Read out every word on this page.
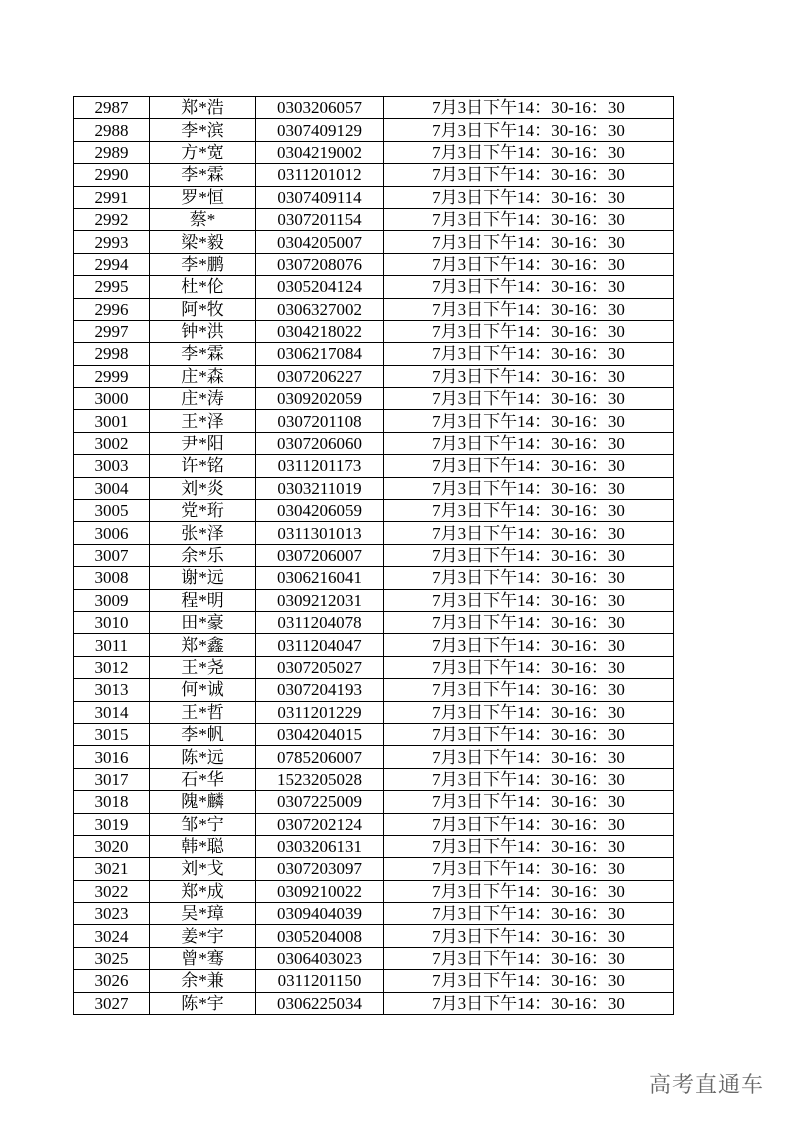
2987	郑*浩	0303206057	7月3日下午14：30-16：30
2988	李*滨	0307409129	7月3日下午14：30-16：30
2989	方*宽	0304219002	7月3日下午14：30-16：30
2990	李*霖	0311201012	7月3日下午14：30-16：30
2991	罗*恒	0307409114	7月3日下午14：30-16：30
2992	蔡*	0307201154	7月3日下午14：30-16：30
2993	梁*毅	0304205007	7月3日下午14：30-16：30
2994	李*鹏	0307208076	7月3日下午14：30-16：30
2995	杜*伦	0305204124	7月3日下午14：30-16：30
2996	阿*牧	0306327002	7月3日下午14：30-16：30
2997	钟*洪	0304218022	7月3日下午14：30-16：30
2998	李*霖	0306217084	7月3日下午14：30-16：30
2999	庄*森	0307206227	7月3日下午14：30-16：30
3000	庄*涛	0309202059	7月3日下午14：30-16：30
3001	王*泽	0307201108	7月3日下午14：30-16：30
3002	尹*阳	0307206060	7月3日下午14：30-16：30
3003	许*铭	0311201173	7月3日下午14：30-16：30
3004	刘*炎	0303211019	7月3日下午14：30-16：30
3005	党*珩	0304206059	7月3日下午14：30-16：30
3006	张*泽	0311301013	7月3日下午14：30-16：30
3007	余*乐	0307206007	7月3日下午14：30-16：30
3008	谢*远	0306216041	7月3日下午14：30-16：30
3009	程*明	0309212031	7月3日下午14：30-16：30
3010	田*豪	0311204078	7月3日下午14：30-16：30
3011	郑*鑫	0311204047	7月3日下午14：30-16：30
3012	王*尧	0307205027	7月3日下午14：30-16：30
3013	何*诚	0307204193	7月3日下午14：30-16：30
3014	王*哲	0311201229	7月3日下午14：30-16：30
3015	李*帆	0304204015	7月3日下午14：30-16：30
3016	陈*远	0785206007	7月3日下午14：30-16：30
3017	石*华	1523205028	7月3日下午14：30-16：30
3018	隗*麟	0307225009	7月3日下午14：30-16：30
3019	邹*宁	0307202124	7月3日下午14：30-16：30
3020	韩*聪	0303206131	7月3日下午14：30-16：30
3021	刘*戈	0307203097	7月3日下午14：30-16：30
3022	郑*成	0309210022	7月3日下午14：30-16：30
3023	吴*璋	0309404039	7月3日下午14：30-16：30
3024	姜*宇	0305204008	7月3日下午14：30-16：30
3025	曾*骞	0306403023	7月3日下午14：30-16：30
3026	余*兼	0311201150	7月3日下午14：30-16：30
3027	陈*宇	0306225034	7月3日下午14：30-16：30
高考直通车
